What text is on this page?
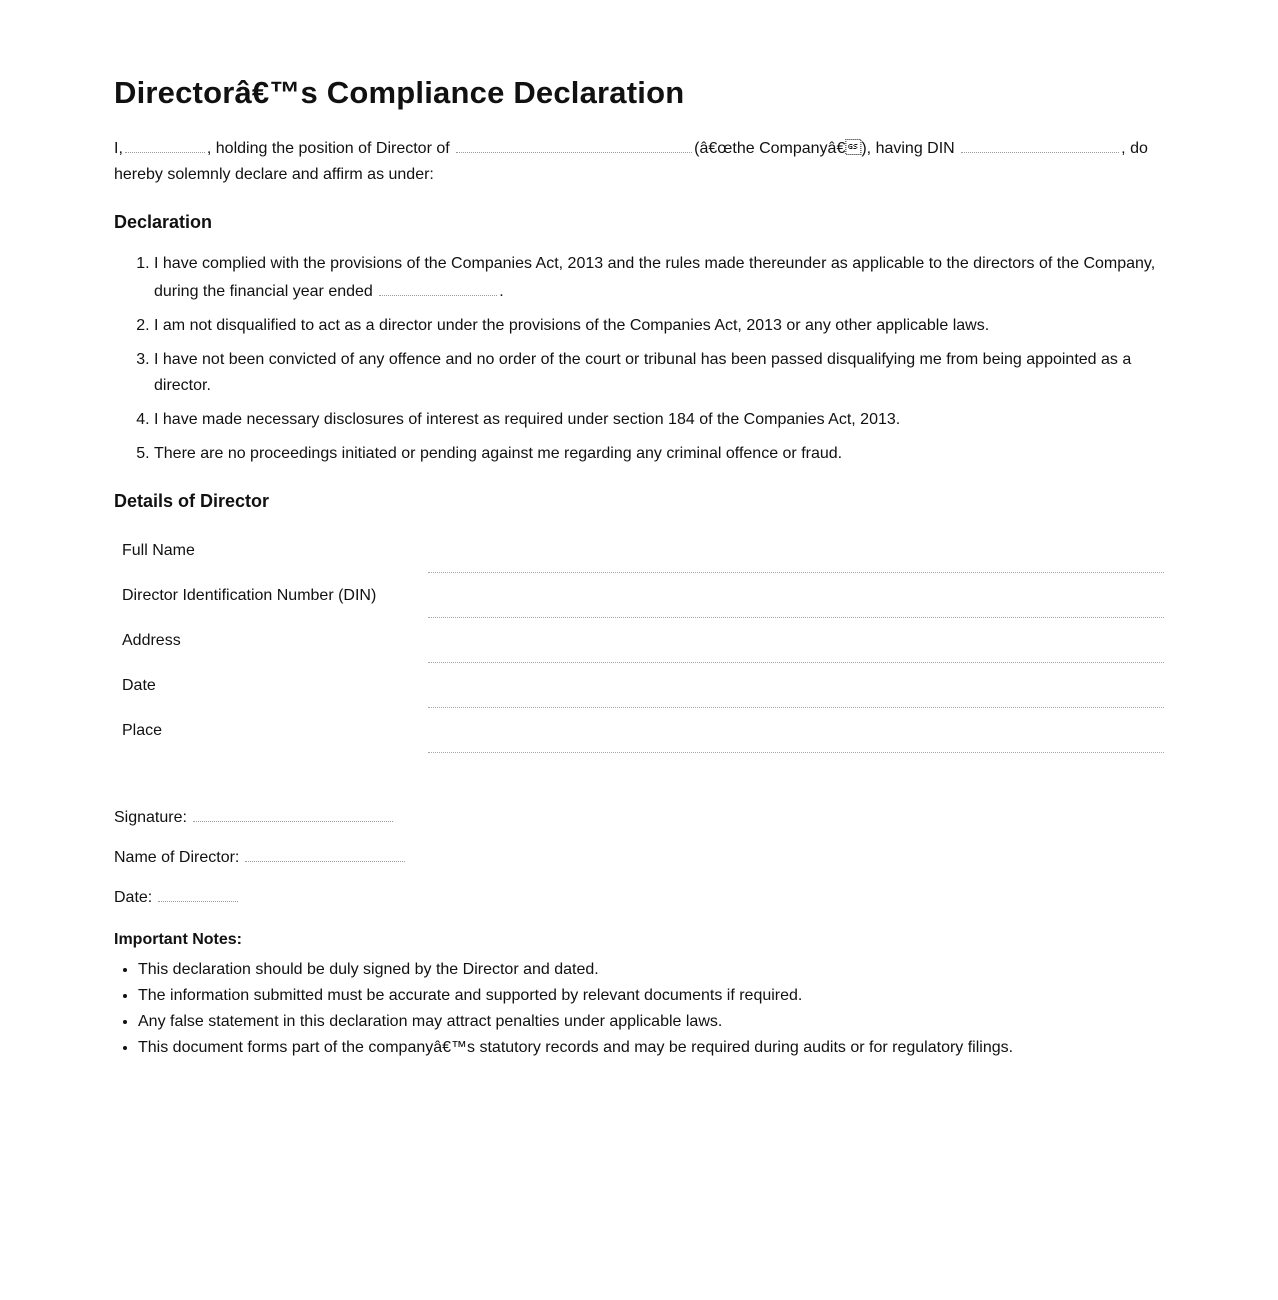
Directorâ€™s Compliance Declaration

I,	, holding the position of Director of	(â€œthe Companyâ€), having DIN	, do hereby solemnly declare and affirm as under:

Declaration
1. I have complied with the provisions of the Companies Act, 2013 and the rules made thereunder as applicable to the directors of the Company, during the financial year ended	.
2. I am not disqualified to act as a director under the provisions of the Companies Act, 2013 or any other applicable laws.
3. I have not been convicted of any offence and no order of the court or tribunal has been passed disqualifying me from being appointed as a director.
4. I have made necessary disclosures of interest as required under section 184 of the Companies Act, 2013.
5. There are no proceedings initiated or pending against me regarding any criminal offence or fraud.
Details of Director
Full Name	

Director Identification Number (DIN)	

Address	

Date	

Place	
Signature:
Name of Director:
Date:
Important Notes:
• This declaration should be duly signed by the Director and dated.
• The information submitted must be accurate and supported by relevant documents if required.
• Any false statement in this declaration may attract penalties under applicable laws.
• This document forms part of the companyâ€™s statutory records and may be required during audits or for regulatory filings.
